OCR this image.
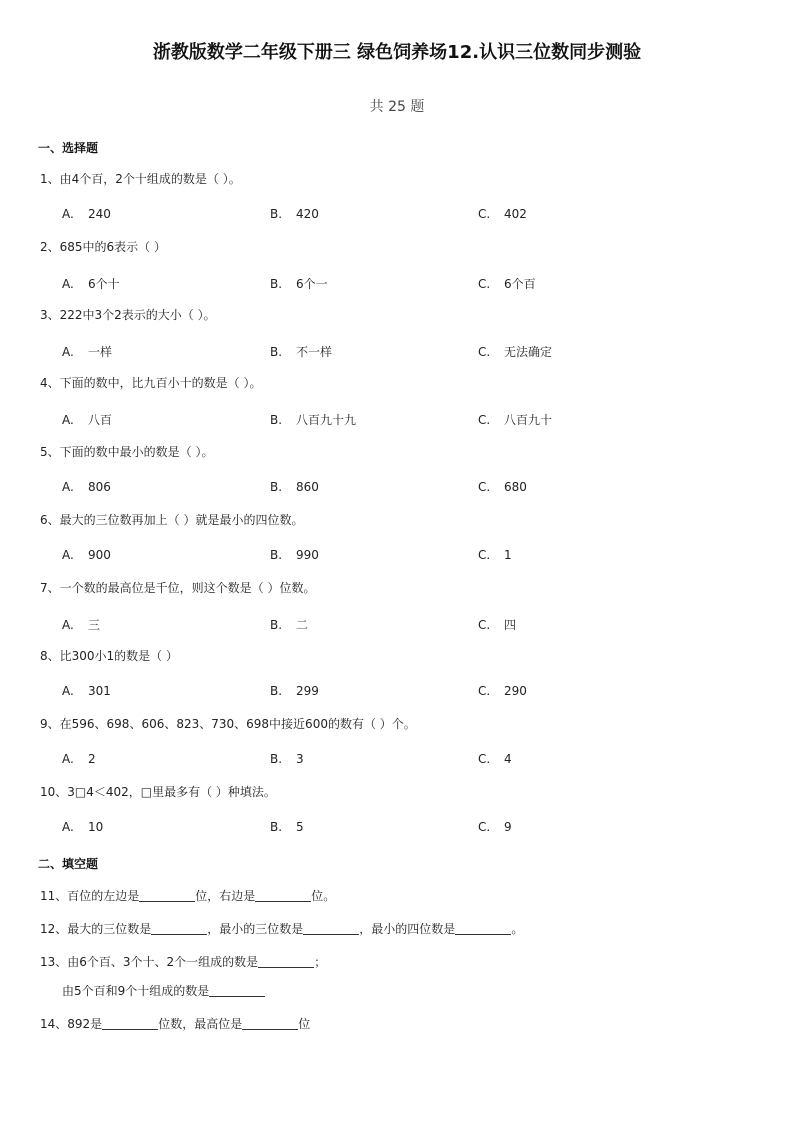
浙教版数学二年级下册三 绿色饲养场12.认识三位数同步测验
共 25 题
一、选择题
1、由4个百，2个十组成的数是（ ）。
A. 240	B. 420	C. 402
2、685中的6表示（ ）
A. 6个十	B. 6个一	C. 6个百
3、222中3个2表示的大小（ ）。
A. 一样	B. 不一样	C. 无法确定
4、下面的数中，比九百小十的数是（ ）。
A. 八百	B. 八百九十九	C. 八百九十
5、下面的数中最小的数是（ ）。
A. 806	B. 860	C. 680
6、最大的三位数再加上（ ）就是最小的四位数。
A. 900	B. 990	C. 1
7、一个数的最高位是千位，则这个数是（ ）位数。
A. 三	B. 二	C. 四
8、比300小1的数是（ ）
A. 301	B. 299	C. 290
9、在596、698、606、823、730、698中接近600的数有（ ）个。
A. 2	B. 3	C. 4
10、3□4＜402，□里最多有（ ）种填法。
A. 10	B. 5	C. 9
二、填空题
11、百位的左边是	位，右边是	位。
12、最大的三位数是	，最小的三位数是	，最小的四位数是	。
13、由6个百、3个十、2个一组成的数是	；
由5个百和9个十组成的数是
14、892是	位数，最高位是	位
